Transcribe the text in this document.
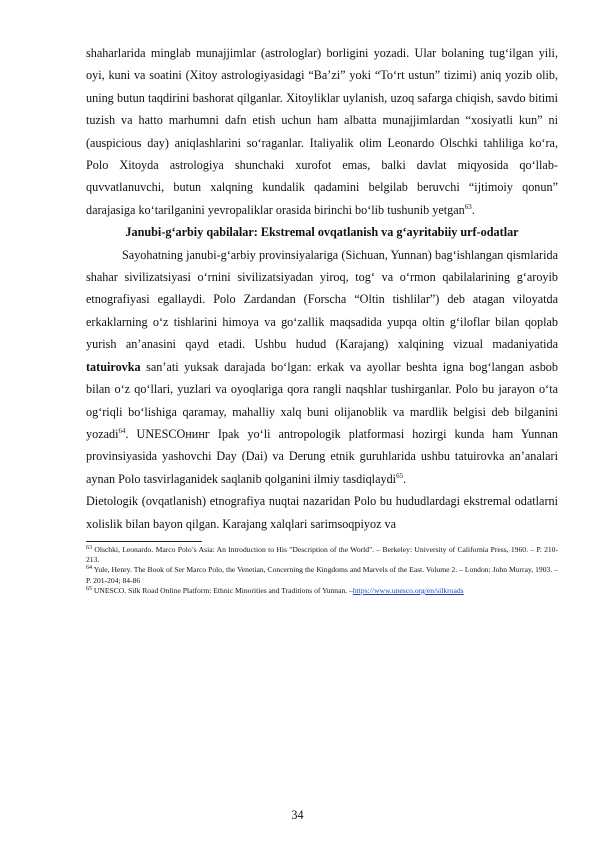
shaharlarida minglab munajjimlar (astrologlar) borligini yozadi. Ular bolaning tug‘ilgan yili, oyi, kuni va soatini (Xitoy astrologiyasidagi “Ba’zi” yoki “To‘rt ustun” tizimi) aniq yozib olib, uning butun taqdirini bashorat qilganlar. Xitoyliklar uylanish, uzoq safarga chiqish, savdo bitimi tuzish va hatto marhumni dafn etish uchun ham albatta munajjimlardan “xosiyatli kun” ni (auspicious day) aniqlashlarini so‘raganlar. Italiyalik olim Leonardo Olschki tahliliga ko‘ra, Polo Xitoyda astrologiya shunchaki xurofot emas, balki davlat miqyosida qo‘llab-quvvatlanuvchi, butun xalqning kundalik qadamini belgilab beruvchi “ijtimoiy qonun” darajasiga ko‘tarilganini yevropaliklar orasida birinchi bo‘lib tushunib yetgan$^{63}$.

Janubi-g‘arbiy qabilalar: Ekstremal ovqatlanish va g‘ayritabiiy urf-odatlar

Sayohatning janubi-g‘arbiy provinsiyalariga (Sichuan, Yunnan) bag‘ishlangan qismlarida shahar sivilizatsiyasi o‘rnini sivilizatsiyadan yiroq, tog‘ va o‘rmon qabilalarining g‘aroyib etnografiyasi egallaydi. Polo Zardandan (Forscha “Oltin tishlilar”) deb atagan viloyatda erkaklarning o‘z tishlarini himoya va go‘zallik maqsadida yupqa oltin g‘iloflar bilan qoplab yurish an’anasini qayd etadi. Ushbu hudud (Karajang) xalqining vizual madaniyatida tatuirovka san’ati yuksak darajada bo‘lgan: erkak va ayollar beshta igna bog‘langan asbob bilan o‘z qo‘llari, yuzlari va oyoqlariga qora rangli naqshlar tushirganlar. Polo bu jarayon o‘ta og‘riqli bo‘lishiga qaramay, mahalliy xalq buni olijanoblik va mardlik belgisi deb bilganini yozadi$^{64}$. UNESCOнинг Ipak yo‘li antropologik platformasi hozirgi kunda ham Yunnan provinsiyasida yashovchi Day (Dai) va Derung etnik guruhlarida ushbu tatuirovka an’analari aynan Polo tasvirlaganidek saqlanib qolganini ilmiy tasdiqlaydi$^{65}$.

Dietologik (ovqatlanish) etnografiya nuqtai nazaridan Polo bu hududlardagi ekstremal odatlarni xolislik bilan bayon qilgan. Karajang xalqlari sarimsoqpiyoz va

$^{63}$ Olschki, Leonardo. Marco Polo’s Asia: An Introduction to His "Description of the World". – Berkeley: University of California Press, 1960. – P. 210-213.

$^{64}$ Yule, Henry. The Book of Ser Marco Polo, the Venetian, Concerning the Kingdoms and Marvels of the East. Volume 2. – London: John Murray, 1903. – P. 201-204; 84-86

$^{65}$ UNESCO. Silk Road Online Platform: Ethnic Minorities and Traditions of Yunnan. –https://www.unesco.org/en/silkroads

34
